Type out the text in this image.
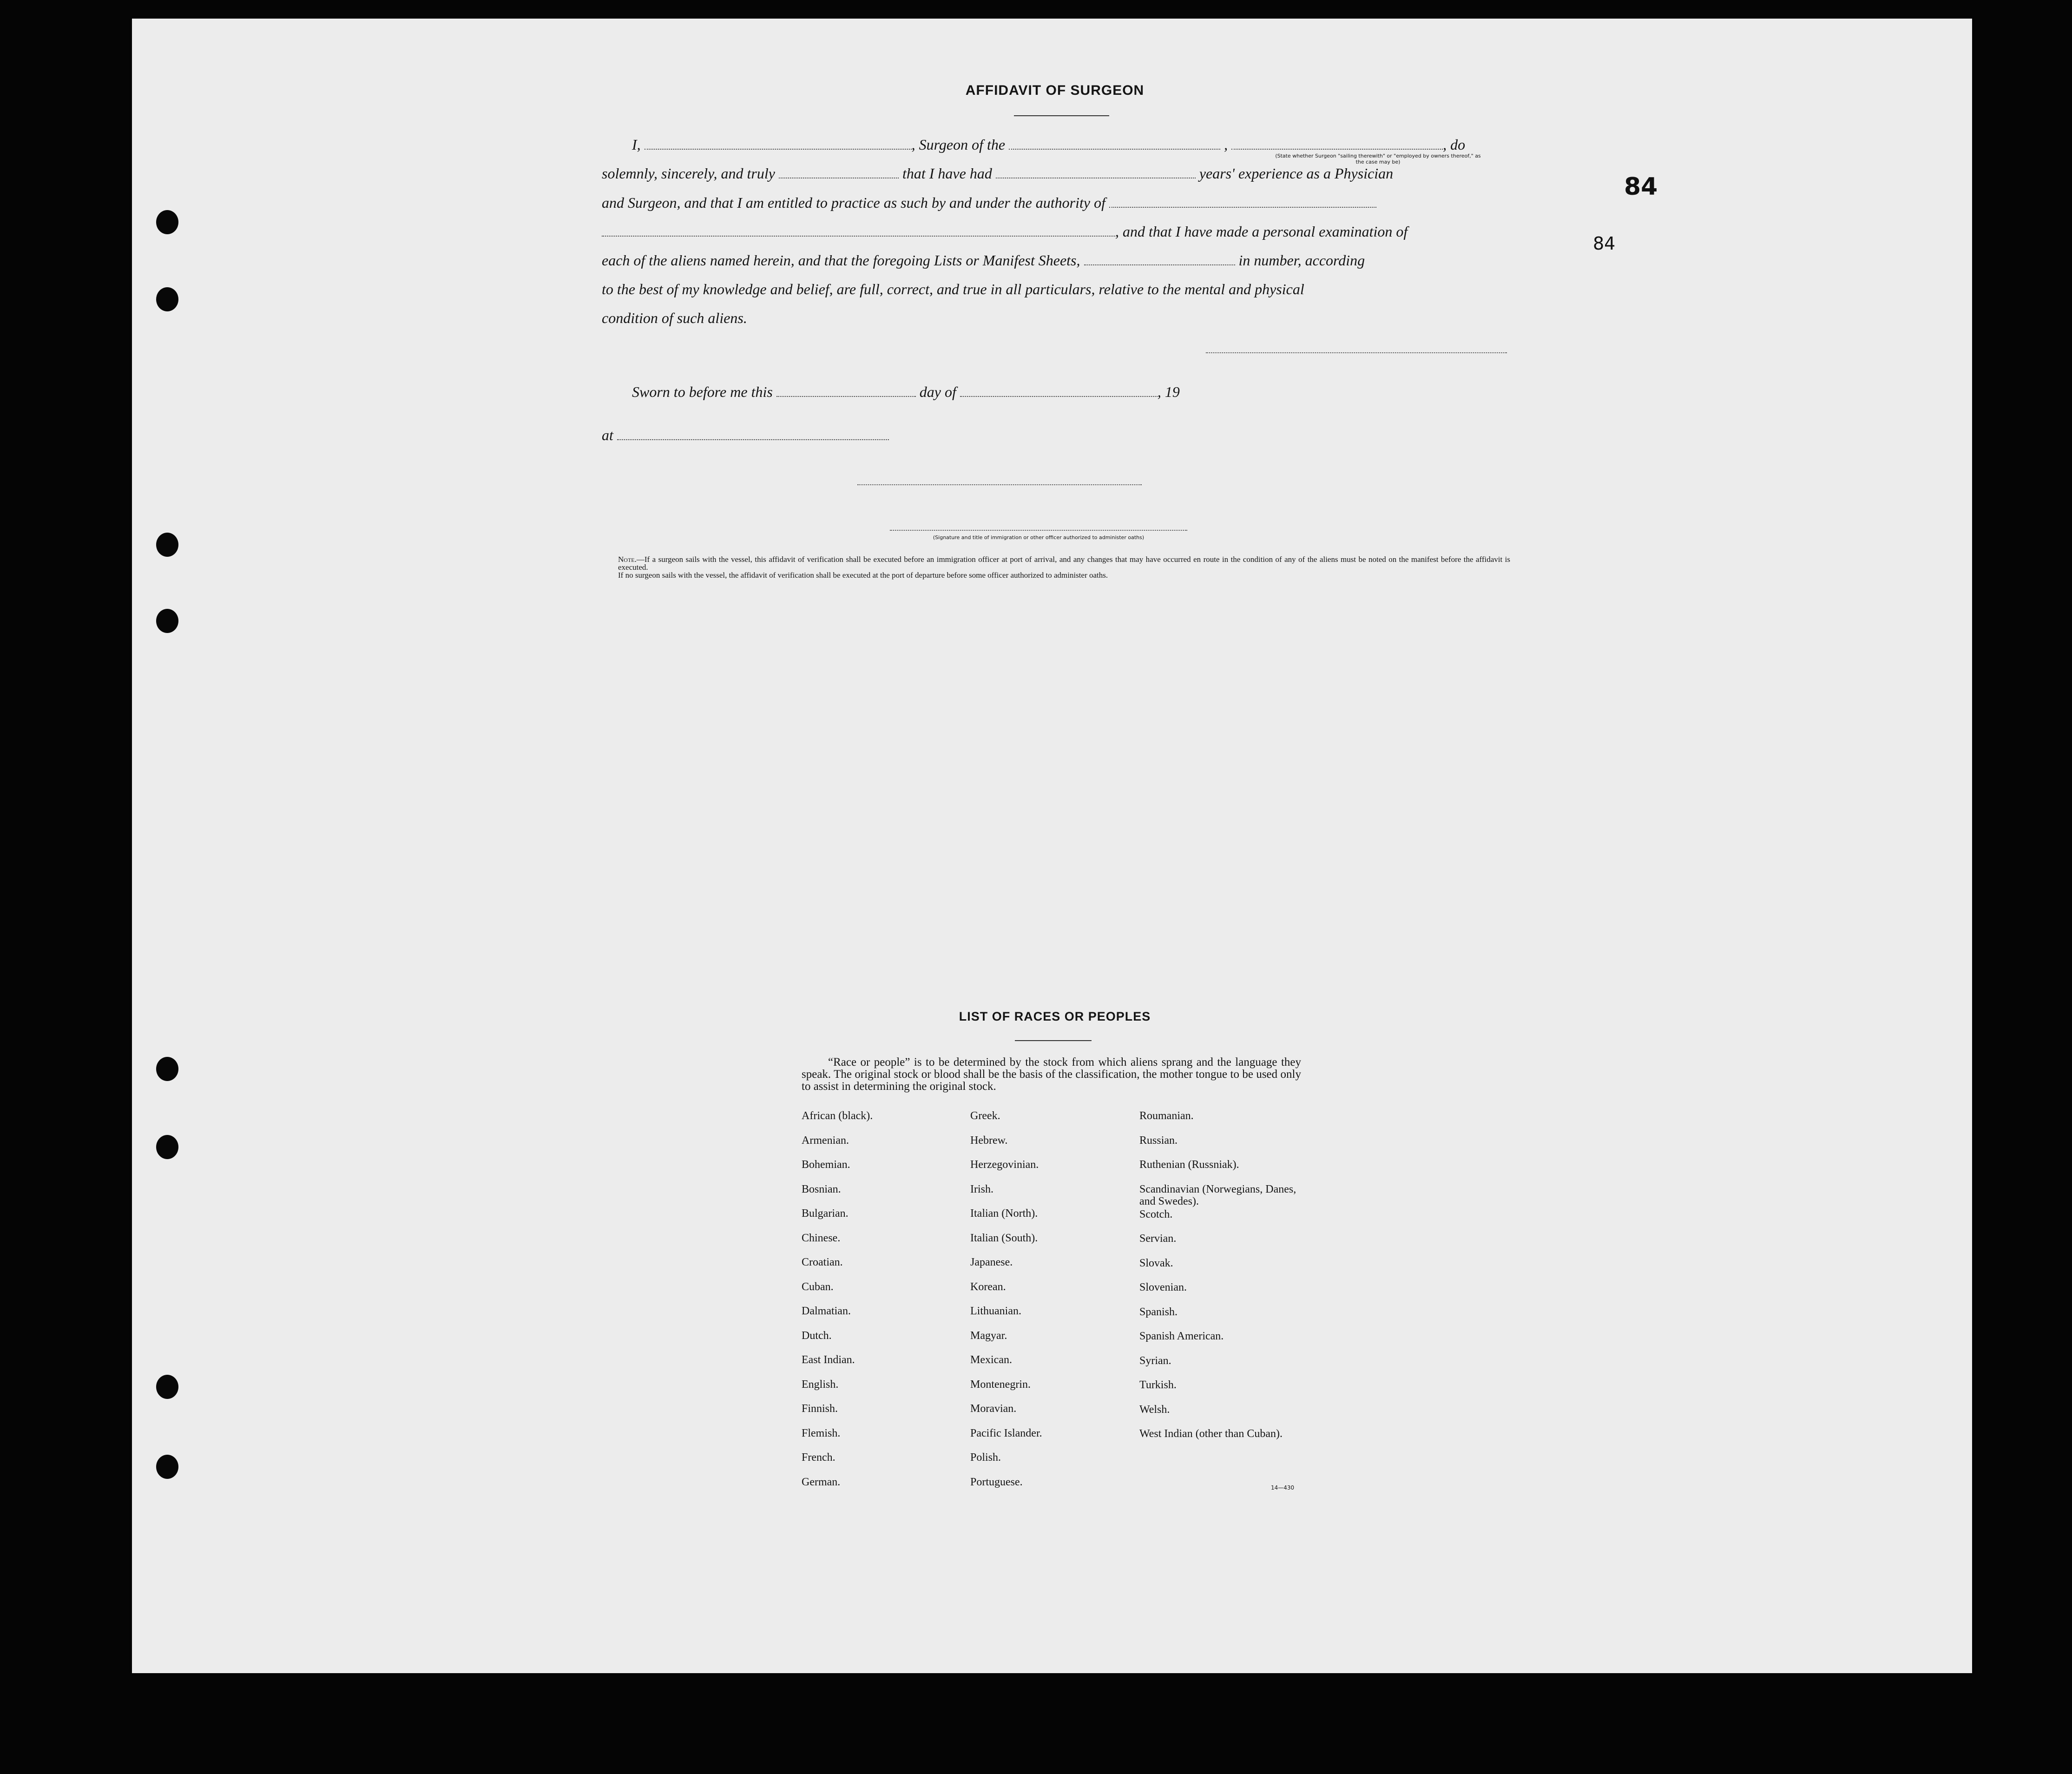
84
84
AFFIDAVIT OF SURGEON
I,	, Surgeon of the	,	, do
(State whether Surgeon "sailing therewith" or "employed by owners thereof," as the case may be)
solemnly, sincerely, and truly	that I have had	years' experience as a Physician
and Surgeon, and that I am entitled to practice as such by and under the authority of
, and that I have made a personal examination of
each of the aliens named herein, and that the foregoing Lists or Manifest Sheets,	in number, according
to the best of my knowledge and belief, are full, correct, and true in all particulars, relative to the mental and physical
condition of such aliens.
Sworn to before me this	day of	, 19
at
(Signature and title of immigration or other officer authorized to administer oaths)
Note.—If a surgeon sails with the vessel, this affidavit of verification shall be executed before an immigration officer at port of arrival, and any changes that may have occurred en route in the condition of any of the aliens must be noted on the manifest before the affidavit is executed.
If no surgeon sails with the vessel, the affidavit of verification shall be executed at the port of departure before some officer authorized to administer oaths.
LIST OF RACES OR PEOPLES
“Race or people” is to be determined by the stock from which aliens sprang and the language they speak. The original stock or blood shall be the basis of the classification, the mother tongue to be used only to assist in determining the original stock.
African (black).
Armenian.
Bohemian.
Bosnian.
Bulgarian.
Chinese.
Croatian.
Cuban.
Dalmatian.
Dutch.
East Indian.
English.
Finnish.
Flemish.
French.
German.
Greek.
Hebrew.
Herzegovinian.
Irish.
Italian (North).
Italian (South).
Japanese.
Korean.
Lithuanian.
Magyar.
Mexican.
Montenegrin.
Moravian.
Pacific Islander.
Polish.
Portuguese.
Roumanian.
Russian.
Ruthenian (Russniak).
Scandinavian (Norwegians, Danes, and Swedes).
Scotch.
Servian.
Slovak.
Slovenian.
Spanish.
Spanish American.
Syrian.
Turkish.
Welsh.
West Indian (other than Cuban).
14—430
